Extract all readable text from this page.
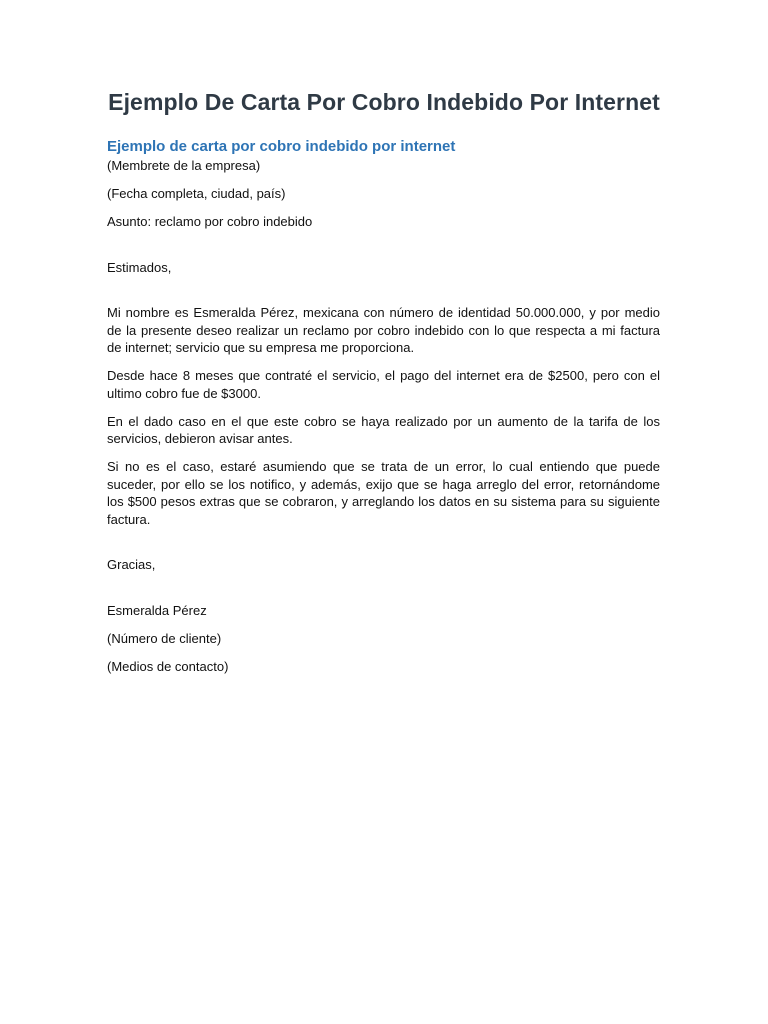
Ejemplo De Carta Por Cobro Indebido Por Internet
Ejemplo de carta por cobro indebido por internet

(Membrete de la empresa)

(Fecha completa, ciudad, país)

Asunto: reclamo por cobro indebido

Estimados,

Mi nombre es Esmeralda Pérez, mexicana con número de identidad 50.000.000, y por medio de la presente deseo realizar un reclamo por cobro indebido con lo que respecta a mi factura de internet; servicio que su empresa me proporciona.

Desde hace 8 meses que contraté el servicio, el pago del internet era de $2500, pero con el ultimo cobro fue de $3000.

En el dado caso en el que este cobro se haya realizado por un aumento de la tarifa de los servicios, debieron avisar antes.

Si no es el caso, estaré asumiendo que se trata de un error, lo cual entiendo que puede suceder, por ello se los notifico, y además, exijo que se haga arreglo del error, retornándome los $500 pesos extras que se cobraron, y arreglando los datos en su sistema para su siguiente factura.

Gracias,

Esmeralda Pérez

(Número de cliente)

(Medios de contacto)
